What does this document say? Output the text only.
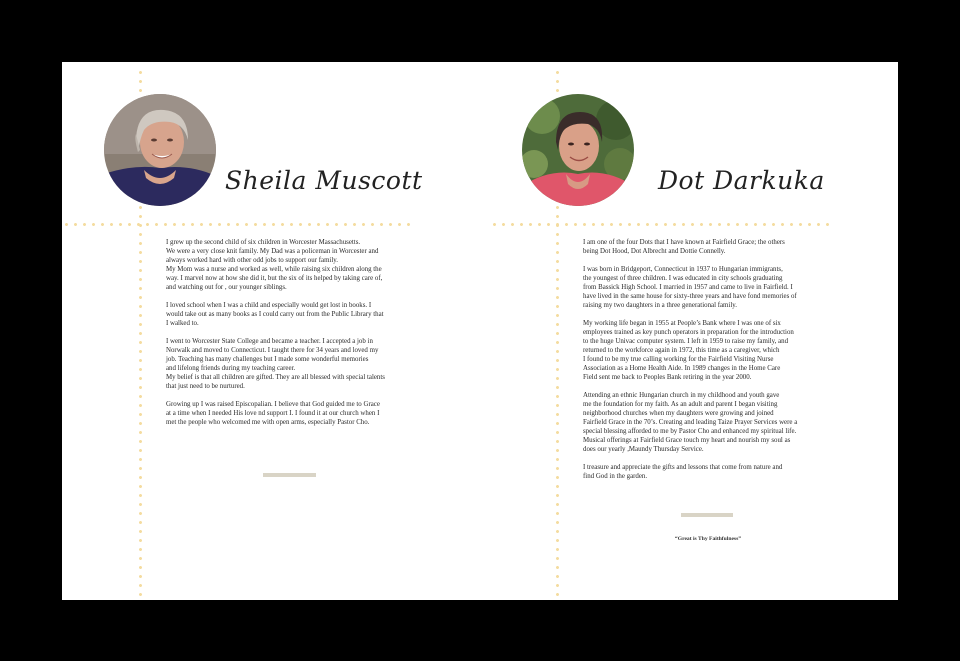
Sheila Muscott

I grew up the second child of six children in Worcester Massachusetts.
We were a very close knit family. My Dad was a policeman in Worcester and
always worked hard with other odd jobs to support our family.
My Mom was a nurse and worked as well, while raising six children along the
way. I marvel now at how she did it, but the six of its helped by taking care of,
and watching out for , our younger siblings.

I loved school when I was a child and especially would get lost in books. I
would take out as many books as I could carry out from the Public Library that
I walked to.

I went to Worcester State College and became a teacher. I accepted a job in
Norwalk and moved to Connecticut. I taught there for 34 years and loved my
job. Teaching has many challenges but I made some wonderful memories
and lifelong friends during my teaching career.
My belief is that all children are gifted. They are all blessed with special talents
that just need to be nurtured.

Growing up I was raised Episcopalian. I believe that God guided me to Grace
at a time when I needed His love nd support I. I found it at our church when I
met the people who welcomed me with open arms, especially Pastor Cho.

Dot Darkuka

I am one of the four Dots that I have known at Fairfield Grace; the others
being Dot Hood, Dot Albrecht and Dottie Connelly.

I was born in Bridgeport, Connecticut in 1937 to Hungarian immigrants,
the youngest of three children. I was educated in city schools graduating
from Bassick High School. I married in 1957 and came to live in Fairfield. I
have lived in the same house for sixty-three years and have fond memories of
raising my two daughters in a three generational family.

My working life began in 1955 at People’s Bank where I was one of six
employees trained as key punch operators in preparation for the introduction
to the huge Univac computer system. I left in 1959 to raise my family, and
returned to the workforce again in 1972, this time as a caregiver, which
I found to be my true calling working for the Fairfield Visiting Nurse
Association as a Home Health Aide. In 1989 changes in the Home Care
Field sent me back to Peoples Bank retiring in the year 2000.

Attending an ethnic Hungarian church in my childhood and youth gave
me the foundation for my faith. As an adult and parent I began visiting
neighborhood churches when my daughters were growing and joined
Fairfield Grace in the 70’s. Creating and leading Taize Prayer Services were a
special blessing afforded to me by Pastor Cho and enhanced my spiritual life.
Musical offerings at Fairfield Grace touch my heart and nourish my soul as
does our yearly ,Maundy Thursday Service.

I treasure and appreciate the gifts and lessons that come from nature and
find God in the garden.

“Great is Thy Faithfulness”
